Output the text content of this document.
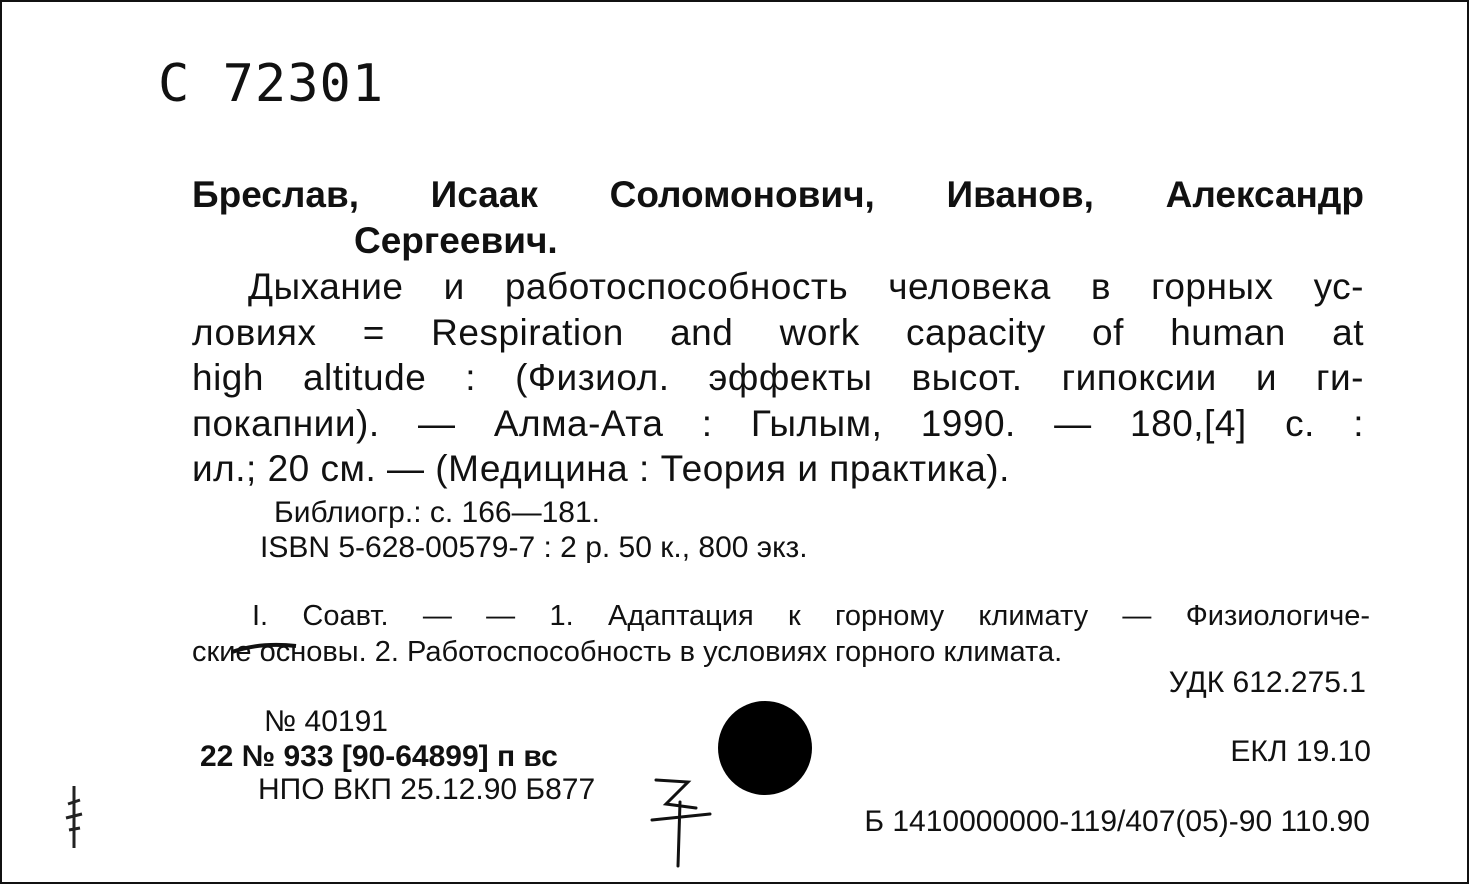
С 72301
Бреслав, Исаак Соломонович, Иванов, Александр
Сергеевич.
Дыхание и работоспособность человека в горных ус-
ловиях = Respiration and work capacity of human at
high altitude : (Физиол. эффекты высот. гипоксии и ги-
покапнии). — Алма-Ата : Гылым, 1990. — 180,[4] с. :
ил.; 20 см. — (Медицина : Теория и практика).
Библиогр.: с. 166—181.
ISBN 5-628-00579-7 : 2 р. 50 к., 800 экз.
I. Соавт. — — 1. Адаптация к горному климату — Физиологиче-
ские основы. 2. Работоспособность в условиях горного климата.
УДК 612.275.1
№ 40191
22 № 933 [90-64899] п вс
НПО ВКП 25.12.90 Б877
ЕКЛ 19.10
Б 1410000000-119/407(05)-90 110.90
